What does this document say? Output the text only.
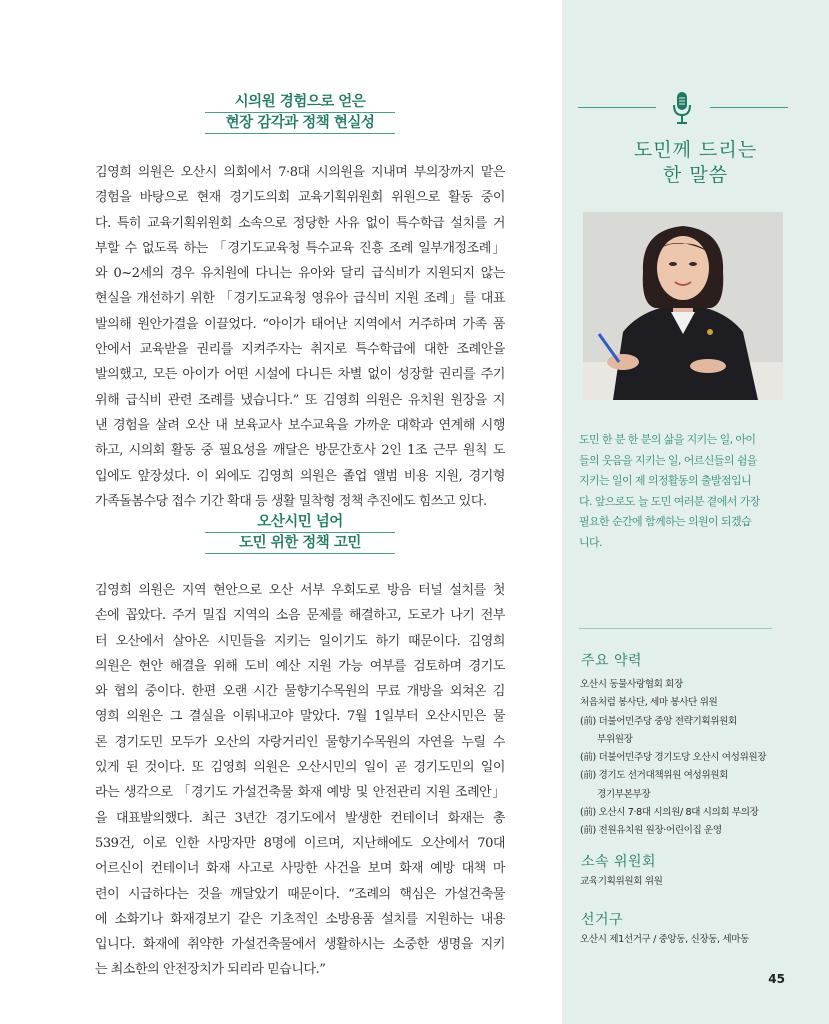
시의원 경험으로 얻은
현장 감각과 정책 현실성
김영희 의원은 오산시 의회에서 7·8대 시의원을 지내며 부의장까지 맡은
경험을 바탕으로 현재 경기도의회 교육기획위원회 위원으로 활동 중이
다. 특히 교육기획위원회 소속으로 정당한 사유 없이 특수학급 설치를 거
부할 수 없도록 하는 「경기도교육청 특수교육 진흥 조례 일부개정조례」
와 0~2세의 경우 유치원에 다니는 유아와 달리 급식비가 지원되지 않는
현실을 개선하기 위한 「경기도교육청 영유아 급식비 지원 조례」를 대표
발의해 원안가결을 이끌었다. “아이가 태어난 지역에서 거주하며 가족 품
안에서 교육받을 권리를 지켜주자는 취지로 특수학급에 대한 조례안을
발의했고, 모든 아이가 어떤 시설에 다니든 차별 없이 성장할 권리를 주기
위해 급식비 관련 조례를 냈습니다.” 또 김영희 의원은 유치원 원장을 지
낸 경험을 살려 오산 내 보육교사 보수교육을 가까운 대학과 연계해 시행
하고, 시의회 활동 중 필요성을 깨달은 방문간호사 2인 1조 근무 원칙 도
입에도 앞장섰다. 이 외에도 김영희 의원은 졸업 앨범 비용 지원, 경기형
가족돌봄수당 접수 기간 확대 등 생활 밀착형 정책 추진에도 힘쓰고 있다.
오산시민 넘어
도민 위한 정책 고민
김영희 의원은 지역 현안으로 오산 서부 우회도로 방음 터널 설치를 첫
손에 꼽았다. 주거 밀집 지역의 소음 문제를 해결하고, 도로가 나기 전부
터 오산에서 살아온 시민들을 지키는 일이기도 하기 때문이다. 김영희
의원은 현안 해결을 위해 도비 예산 지원 가능 여부를 검토하며 경기도
와 협의 중이다. 한편 오랜 시간 물향기수목원의 무료 개방을 외쳐온 김
영희 의원은 그 결실을 이뤄내고야 말았다. 7월 1일부터 오산시민은 물
론 경기도민 모두가 오산의 자랑거리인 물향기수목원의 자연을 누릴 수
있게 된 것이다. 또 김영희 의원은 오산시민의 일이 곧 경기도민의 일이
라는 생각으로 「경기도 가설건축물 화재 예방 및 안전관리 지원 조례안」
을 대표발의했다. 최근 3년간 경기도에서 발생한 컨테이너 화재는 총
539건, 이로 인한 사망자만 8명에 이르며, 지난해에도 오산에서 70대
어르신이 컨테이너 화재 사고로 사망한 사건을 보며 화재 예방 대책 마
련이 시급하다는 것을 깨달았기 때문이다. “조례의 핵심은 가설건축물
에 소화기나 화재경보기 같은 기초적인 소방용품 설치를 지원하는 내용
입니다. 화재에 취약한 가설건축물에서 생활하시는 소중한 생명을 지키
는 최소한의 안전장치가 되리라 믿습니다.”
도민께 드리는
한 말씀
도민 한 분 한 분의 삶을 지키는 일, 아이
들의 웃음을 지키는 일, 어르신들의 쉼을
지키는 일이 제 의정활동의 출발점입니
다. 앞으로도 늘 도민 여러분 곁에서 가장
필요한 순간에 함께하는 의원이 되겠습
니다.
주요 약력
오산시 동물사랑협회 회장
처음처럼 봉사단, 세마 봉사단 위원
(前) 더불어민주당 중앙 전략기획위원회
부위원장
(前) 더불어민주당 경기도당 오산시 여성위원장
(前) 경기도 선거대책위원 여성위원회
경기부본부장
(前) 오산시 7·8대 시의원/ 8대 시의회 부의장
(前) 전원유치원 원장·어린이집 운영
소속 위원회
교육기획위원회 위원
선거구
오산시 제1선거구 / 중앙동, 신장동, 세마동
45
